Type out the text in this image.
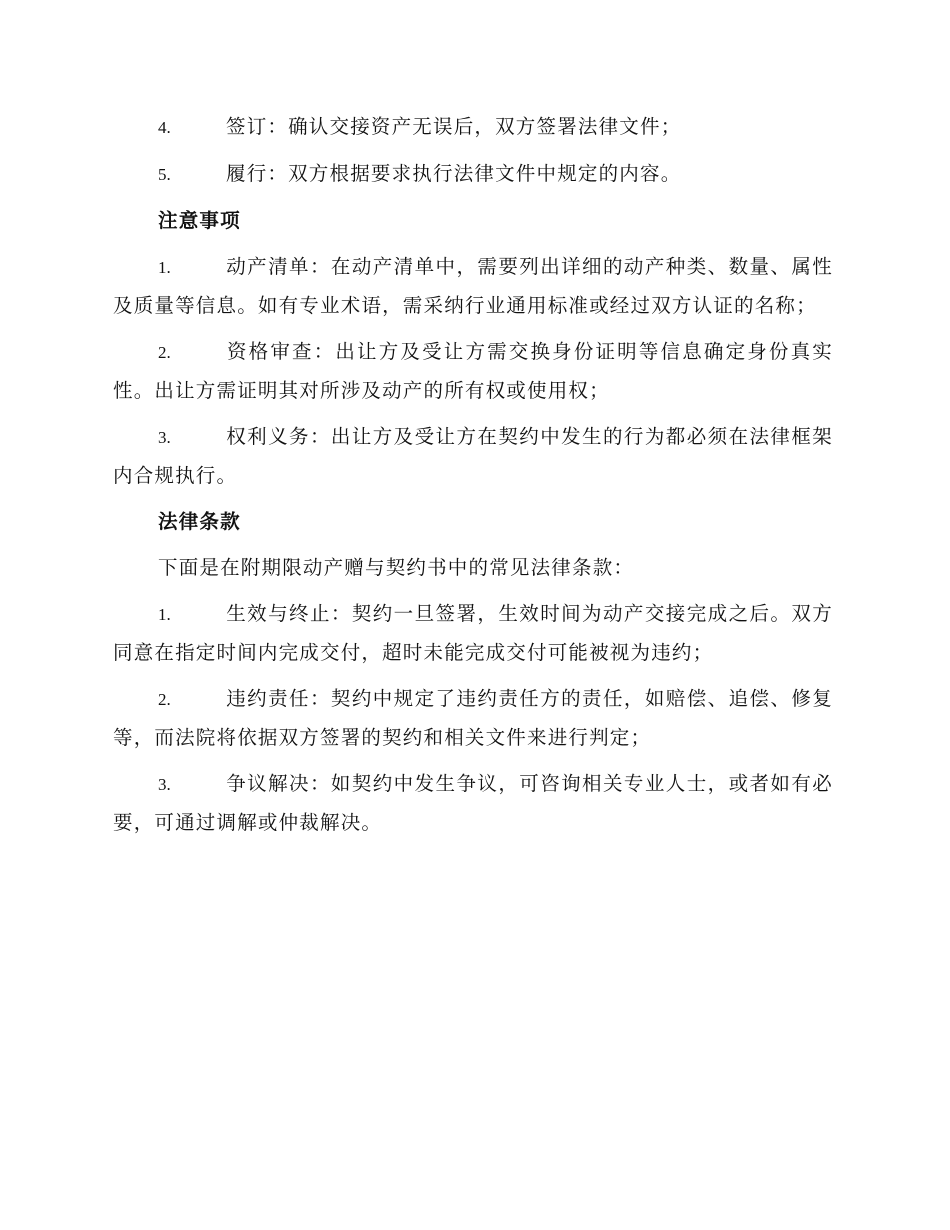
4.	签订：确认交接资产无误后，双方签署法律文件；

5.	履行：双方根据要求执行法律文件中规定的内容。

注意事项

1.	动产清单：在动产清单中，需要列出详细的动产种类、数量、属性及质量等信息。如有专业术语，需采纳行业通用标准或经过双方认证的名称；

2.	资格审查：出让方及受让方需交换身份证明等信息确定身份真实性。出让方需证明其对所涉及动产的所有权或使用权；

3.	权利义务：出让方及受让方在契约中发生的行为都必须在法律框架内合规执行。

法律条款

下面是在附期限动产赠与契约书中的常见法律条款：

1.	生效与终止：契约一旦签署，生效时间为动产交接完成之后。双方同意在指定时间内完成交付，超时未能完成交付可能被视为违约；

2.	违约责任：契约中规定了违约责任方的责任，如赔偿、追偿、修复等，而法院将依据双方签署的契约和相关文件来进行判定；

3.	争议解决：如契约中发生争议，可咨询相关专业人士，或者如有必要，可通过调解或仲裁解决。
